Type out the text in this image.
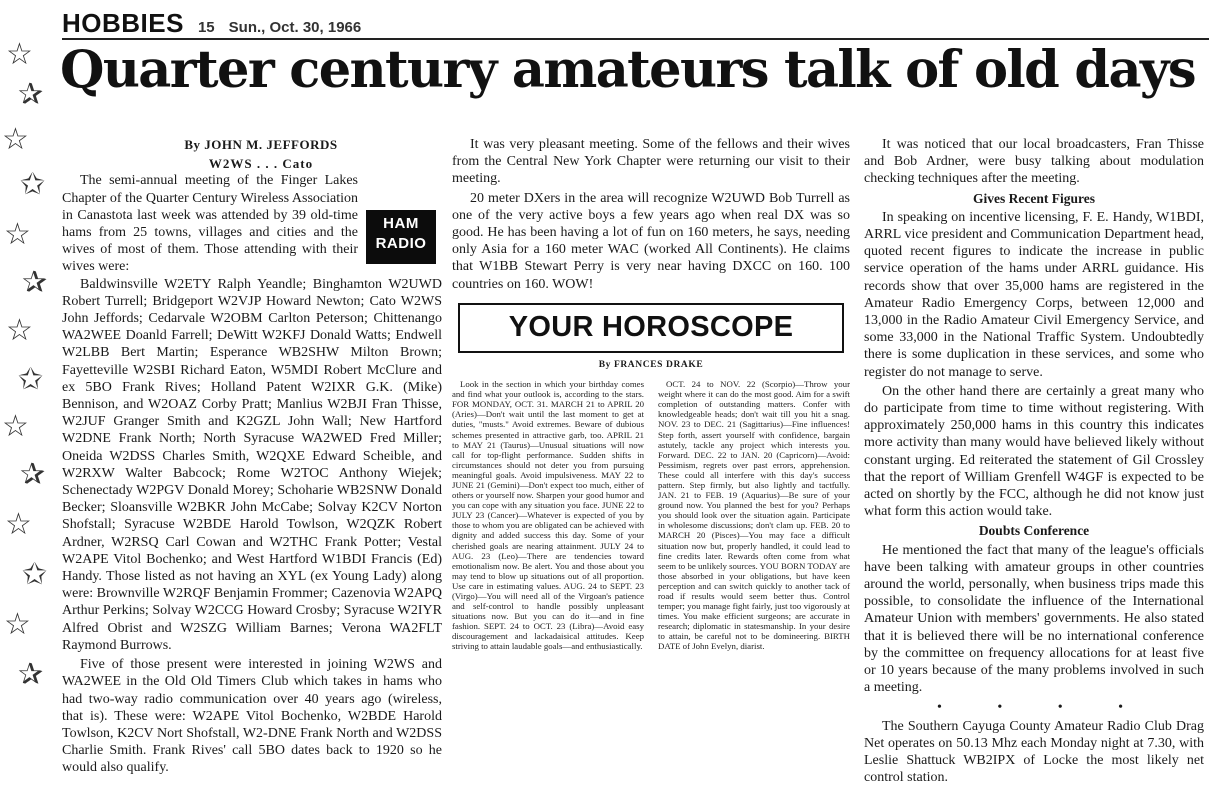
☆
✰
☆
✩
☆
✰
☆
✩
☆
✰
☆
✩
☆
✰
HOBBIES 15 Sun., Oct. 30, 1966
Quarter century amateurs talk of old days

By JOHN M. JEFFORDS

W2WS . . . Cato

HAM
RADIO

The semi-annual meeting of the Finger Lakes Chapter of the Quarter Century Wireless Association in Canastota last week was attended by 39 old-time hams from 25 towns, villages and cities and the wives of most of them. Those attending with their wives were:

Baldwinsville W2ETY Ralph Yeandle; Binghamton W2UWD Robert Turrell; Bridgeport W2VJP Howard Newton; Cato W2WS John Jeffords; Cedarvale W2OBM Carlton Peterson; Chittenango WA2WEE Doanld Farrell; DeWitt W2KFJ Donald Watts; Endwell W2LBB Bert Martin; Esperance WB2SHW Milton Brown; Fayetteville W2SBI Richard Eaton, W5MDI Robert McClure and ex 5BO Frank Rives; Holland Patent W2IXR G.K. (Mike) Bennison, and W2OAZ Corby Pratt; Manlius W2BJI Fran Thisse, W2JUF Granger Smith and K2GZL John Wall; New Hartford W2DNE Frank North; North Syracuse WA2WED Fred Miller; Oneida W2DSS Charles Smith, W2QXE Edward Scheible, and W2RXW Walter Babcock; Rome W2TOC Anthony Wiejek; Schenectady W2PGV Donald Morey; Schoharie WB2SNW Donald Becker; Sloansville W2BKR John McCabe; Solvay K2CV Norton Shofstall; Syracuse W2BDE Harold Towlson, W2QZK Robert Ardner, W2RSQ Carl Cowan and W2THC Frank Potter; Vestal W2APE Vitol Bochenko; and West Hartford W1BDI Francis (Ed) Handy. Those listed as not having an XYL (ex Young Lady) along were: Brownville W2RQF Benjamin Frommer; Cazenovia W2APQ Arthur Perkins; Solvay W2CCG Howard Crosby; Syracuse W2IYR Alfred Obrist and W2SZG William Barnes; Verona WA2FLT Raymond Burrows.

Five of those present were interested in joining W2WS and WA2WEE in the Old Old Timers Club which takes in hams who had two-way radio communication over 40 years ago (wireless, that is). These were: W2APE Vitol Bochenko, W2BDE Harold Towlson, K2CV Nort Shofstall, W2-DNE Frank North and W2DSS Charlie Smith. Frank Rives' call 5BO dates back to 1920 so he would also qualify.

It was very pleasant meeting. Some of the fellows and their wives from the Central New York Chapter were returning our visit to their meeting.

20 meter DXers in the area will recognize W2UWD Bob Turrell as one of the very active boys a few years ago when real DX was so good. He has been having a lot of fun on 160 meters, he says, needing only Asia for a 160 meter WAC (worked All Continents). He claims that W1BB Stewart Perry is very near having DXCC on 160. 100 countries on 160. WOW!

YOUR HOROSCOPE
By FRANCES DRAKE

Look in the section in which your birthday comes and find what your outlook is, according to the stars. FOR MONDAY, OCT. 31. MARCH 21 to APRIL 20 (Aries)—Don't wait until the last moment to get at duties, "musts." Avoid extremes. Beware of dubious schemes presented in attractive garb, too. APRIL 21 to MAY 21 (Taurus)—Unusual situations will now call for top-flight performance. Sudden shifts in circumstances should not deter you from pursuing meaningful goals. Avoid impulsiveness. MAY 22 to JUNE 21 (Gemini)—Don't expect too much, either of others or yourself now. Sharpen your good humor and you can cope with any situation you face. JUNE 22 to JULY 23 (Cancer)—Whatever is expected of you by those to whom you are obligated can be achieved with dignity and added success this day. Some of your cherished goals are nearing attainment. JULY 24 to AUG. 23 (Leo)—There are tendencies toward emotionalism now. Be alert. You and those about you may tend to blow up situations out of all proportion. Use care in estimating values. AUG. 24 to SEPT. 23 (Virgo)—You will need all of the Virgoan's patience and self-control to handle possibly unpleasant situations now. But you can do it—and in fine fashion. SEPT. 24 to OCT. 23 (Libra)—Avoid easy discouragement and lackadaisical attitudes. Keep striving to attain laudable goals—and enthusiastically.

OCT. 24 to NOV. 22 (Scorpio)—Throw your weight where it can do the most good. Aim for a swift completion of outstanding matters. Confer with knowledgeable heads; don't wait till you hit a snag. NOV. 23 to DEC. 21 (Sagittarius)—Fine influences! Step forth, assert yourself with confidence, bargain astutely, tackle any project which interests you. Forward. DEC. 22 to JAN. 20 (Capricorn)—Avoid: Pessimism, regrets over past errors, apprehension. These could all interfere with this day's success pattern. Step firmly, but also lightly and tactfully. JAN. 21 to FEB. 19 (Aquarius)—Be sure of your ground now. You planned the best for you? Perhaps you should look over the situation again. Participate in wholesome discussions; don't clam up. FEB. 20 to MARCH 20 (Pisces)—You may face a difficult situation now but, properly handled, it could lead to fine credits later. Rewards often come from what seem to be unlikely sources. YOU BORN TODAY are those absorbed in your obligations, but have keen perception and can switch quickly to another tack of road if results would seem better thus. Control temper; you manage fight fairly, just too vigorously at times. You make efficient surgeons; are accurate in research; diplomatic in statesmanship. In your desire to attain, be careful not to be domineering. BIRTH DATE of John Evelyn, diarist.

It was noticed that our local broadcasters, Fran Thisse and Bob Ardner, were busy talking about modulation checking techniques after the meeting.

Gives Recent Figures

In speaking on incentive licensing, F. E. Handy, W1BDI, ARRL vice president and Communication Department head, quoted recent figures to indicate the increase in public service operation of the hams under ARRL guidance. His records show that over 35,000 hams are registered in the Amateur Radio Emergency Corps, between 12,000 and 13,000 in the Radio Amateur Civil Emergency Service, and some 33,000 in the National Traffic System. Undoubtedly there is some duplication in these services, and some who register do not manage to serve.

On the other hand there are certainly a great many who do participate from time to time without registering. With approximately 250,000 hams in this country this indicates more activity than many would have believed likely without constant urging. Ed reiterated the statement of Gil Crossley that the report of William Grenfell W4GF is expected to be acted on shortly by the FCC, although he did not know just what form this action would take.

Doubts Conference

He mentioned the fact that many of the league's officials have been talking with amateur groups in other countries around the world, personally, when business trips made this possible, to consolidate the influence of the International Amateur Union with members' governments. He also stated that it is believed there will be no international conference by the committee on frequency allocations for at least five or 10 years because of the many problems involved in such a meeting.

• • • •

The Southern Cayuga County Amateur Radio Club Drag Net operates on 50.13 Mhz each Monday night at 7.30, with Leslie Shattuck WB2IPX of Locke the most likely net control station.
